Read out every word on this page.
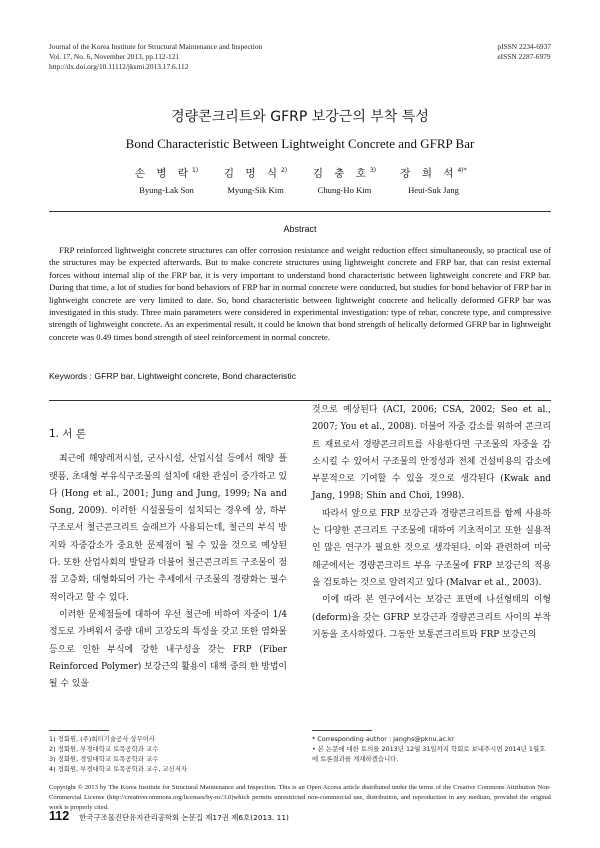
Journal of the Korea Institute for Structural Maintenance and Inspection
Vol. 17, No. 6, November 2013, pp.112-121
http://dx.doi.org/10.11112/jksmi.2013.17.6.112
pISSN 2234-6937
eISSN 2287-6979
경량콘크리트와 GFRP 보강근의 부착 특성
Bond Characteristic Between Lightweight Concrete and GFRP Bar
손 병 락$^{1)}$
Byung-Lak Son
김 명 식$^{2)}$
Myung-Sik Kim
김 충 호$^{3)}$
Chung-Ho Kim
장 희 석$^{4)*}$
Heui-Suk Jang
Abstract
FRP reinforced lightweight concrete structures can offer corrosion resistance and weight reduction effect simultaneously, so practical use of the structures may be expected afterwards. But to make concrete structures using lightweight concrete and FRP bar, that can resist external forces without internal slip of the FRP bar, it is very important to understand bond characteristic between lightweight concrete and FRP bar. During that time, a lot of studies for bond behaviors of FRP bar in normal concrete were conducted, but studies for bond behavior of FRP bar in lightweight concrete are very limited to date. So, bond characteristic between lightweight concrete and helically deformed GFRP bar was investigated in this study. Three main parameters were considered in experimental investigation: type of rebar, concrete type, and compressive strength of lightweight concrete. As an experimental result, it could be known that bond strength of helically deformed GFRP bar in lightweight concrete was 0.49 times bond strength of steel reinforcement in normal concrete.
Keywords : GFRP bar, Lightweight concrete, Bond characteristic

1. 서 론

최근에 해양레저시설, 군사시설, 산업시설 등에서 해양 플랫폼, 초대형 부유식구조물의 설치에 대한 관심이 증가하고 있다 (Hong et al., 2001; Jung and Jung, 1999; Na and Song, 2009). 이러한 시설물들이 설치되는 경우에 상, 하부 구조로서 철근콘크리트 슬래브가 사용되는데, 철근의 부식 방지와 자중감소가 중요한 문제점이 될 수 있을 것으로 예상된다. 또한 산업사회의 발달과 더불어 철근콘크리트 구조물이 점점 고층화, 대형화되어 가는 추세에서 구조물의 경량화는 필수적이라고 할 수 있다.

이러한 문제점들에 대하여 우선 철근에 비하여 자중이 1/4 정도로 가벼워서 중량 대비 고강도의 특성을 갖고 또한 염화물 등으로 인한 부식에 강한 내구성을 갖는 FRP (Fiber Reinforced Polymer) 보강근의 활용이 대책 중의 한 방법이 될 수 있을

것으로 예상된다 (ACI, 2006; CSA, 2002; Seo et al., 2007; You et al., 2008). 더불어 자중 감소를 위하여 콘크리트 재료로서 경량콘크리트를 사용한다면 구조물의 자중을 감소시킬 수 있어서 구조물의 안정성과 전체 건설비용의 감소에 부분적으로 기여할 수 있을 것으로 생각된다 (Kwak and Jang, 1998; Shin and Choi, 1998).

따라서 앞으로 FRP 보강근과 경량콘크리트를 함께 사용하는 다양한 콘크리트 구조물에 대하여 기초적이고 또한 실용적인 많은 연구가 필요한 것으로 생각된다. 이와 관련하여 미국 해군에서는 경량콘크리트 부유 구조물에 FRP 보강근의 적용을 검토하는 것으로 알려지고 있다 (Malvar et al., 2003).

이에 따라 본 연구에서는 보강근 표면에 나선형태의 이형(deform)을 갖는 GFRP 보강근과 경량콘크리트 사이의 부착거동을 조사하였다. 그동안 보통콘크리트와 FRP 보강근의

1) 정회원, (주)희티기술공사 상무이사
2) 정회원, 부경대학교 토목공학과 교수
3) 정회원, 경일대학교 토목공학과 교수
4) 정회원, 부경대학교 토목공학과 교수, 교신저자
* Corresponding author : janghs@pknu.ac.kr
• 본 논문에 대한 토의를 2013년 12월 31일까지 학회로 보내주시면 2014년 1월호에 토론결과를 게재하겠습니다.
Copyright © 2013 by The Korea Institute for Structural Maintenance and Inspection. This is an Open Access article distributed under the terms of the Creative Commons Attribution Non-Commercial License (http://creativecommons.org/licenses/by-nc/3.0)which permits unrestricted non-commercial use, distribution, and reproduction in any medium, provided the original work is properly cited.
112 한국구조물진단유지관리공학회 논문집 제17권 제6호(2013. 11)
